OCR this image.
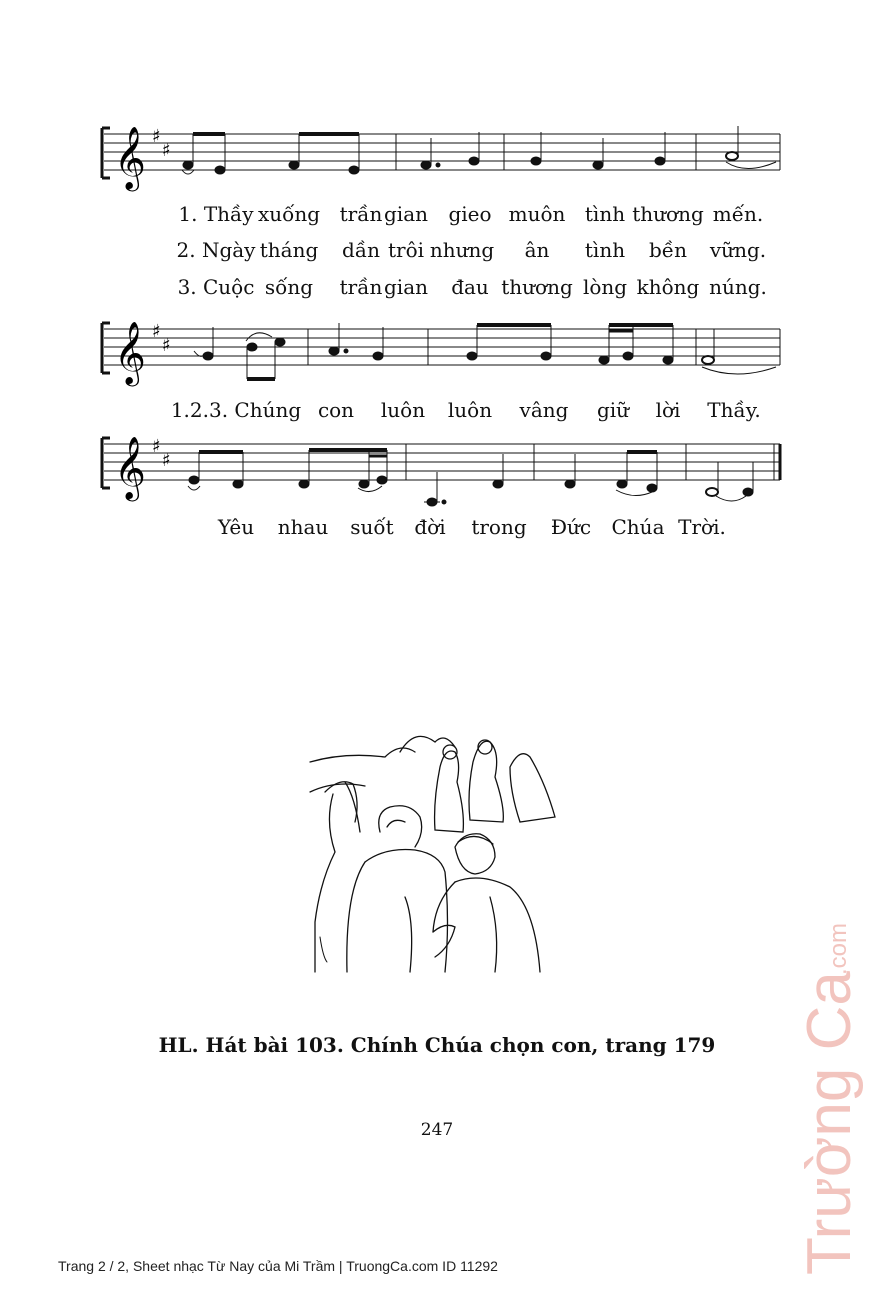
𝄞 ♯
♯
1. Thầy xuống trần gian gieo muôn tình thương mến.
2. Ngày tháng dần trôi nhưng ân tình bền vững.
3. Cuộc sống trần gian đau thương lòng không núng.
𝄞 ♯
♯
1.2.3. Chúng con luôn luôn vâng giữ lời Thầy.
𝄞 ♯
♯
Yêu nhau suốt đời trong Đức Chúa Trời.
HL. Hát bài 103. Chính Chúa chọn con, trang 179
247
Trang 2 / 2, Sheet nhạc Từ Nay của Mi Trầm | TruongCa.com ID 11292	Trường Ca
.com
